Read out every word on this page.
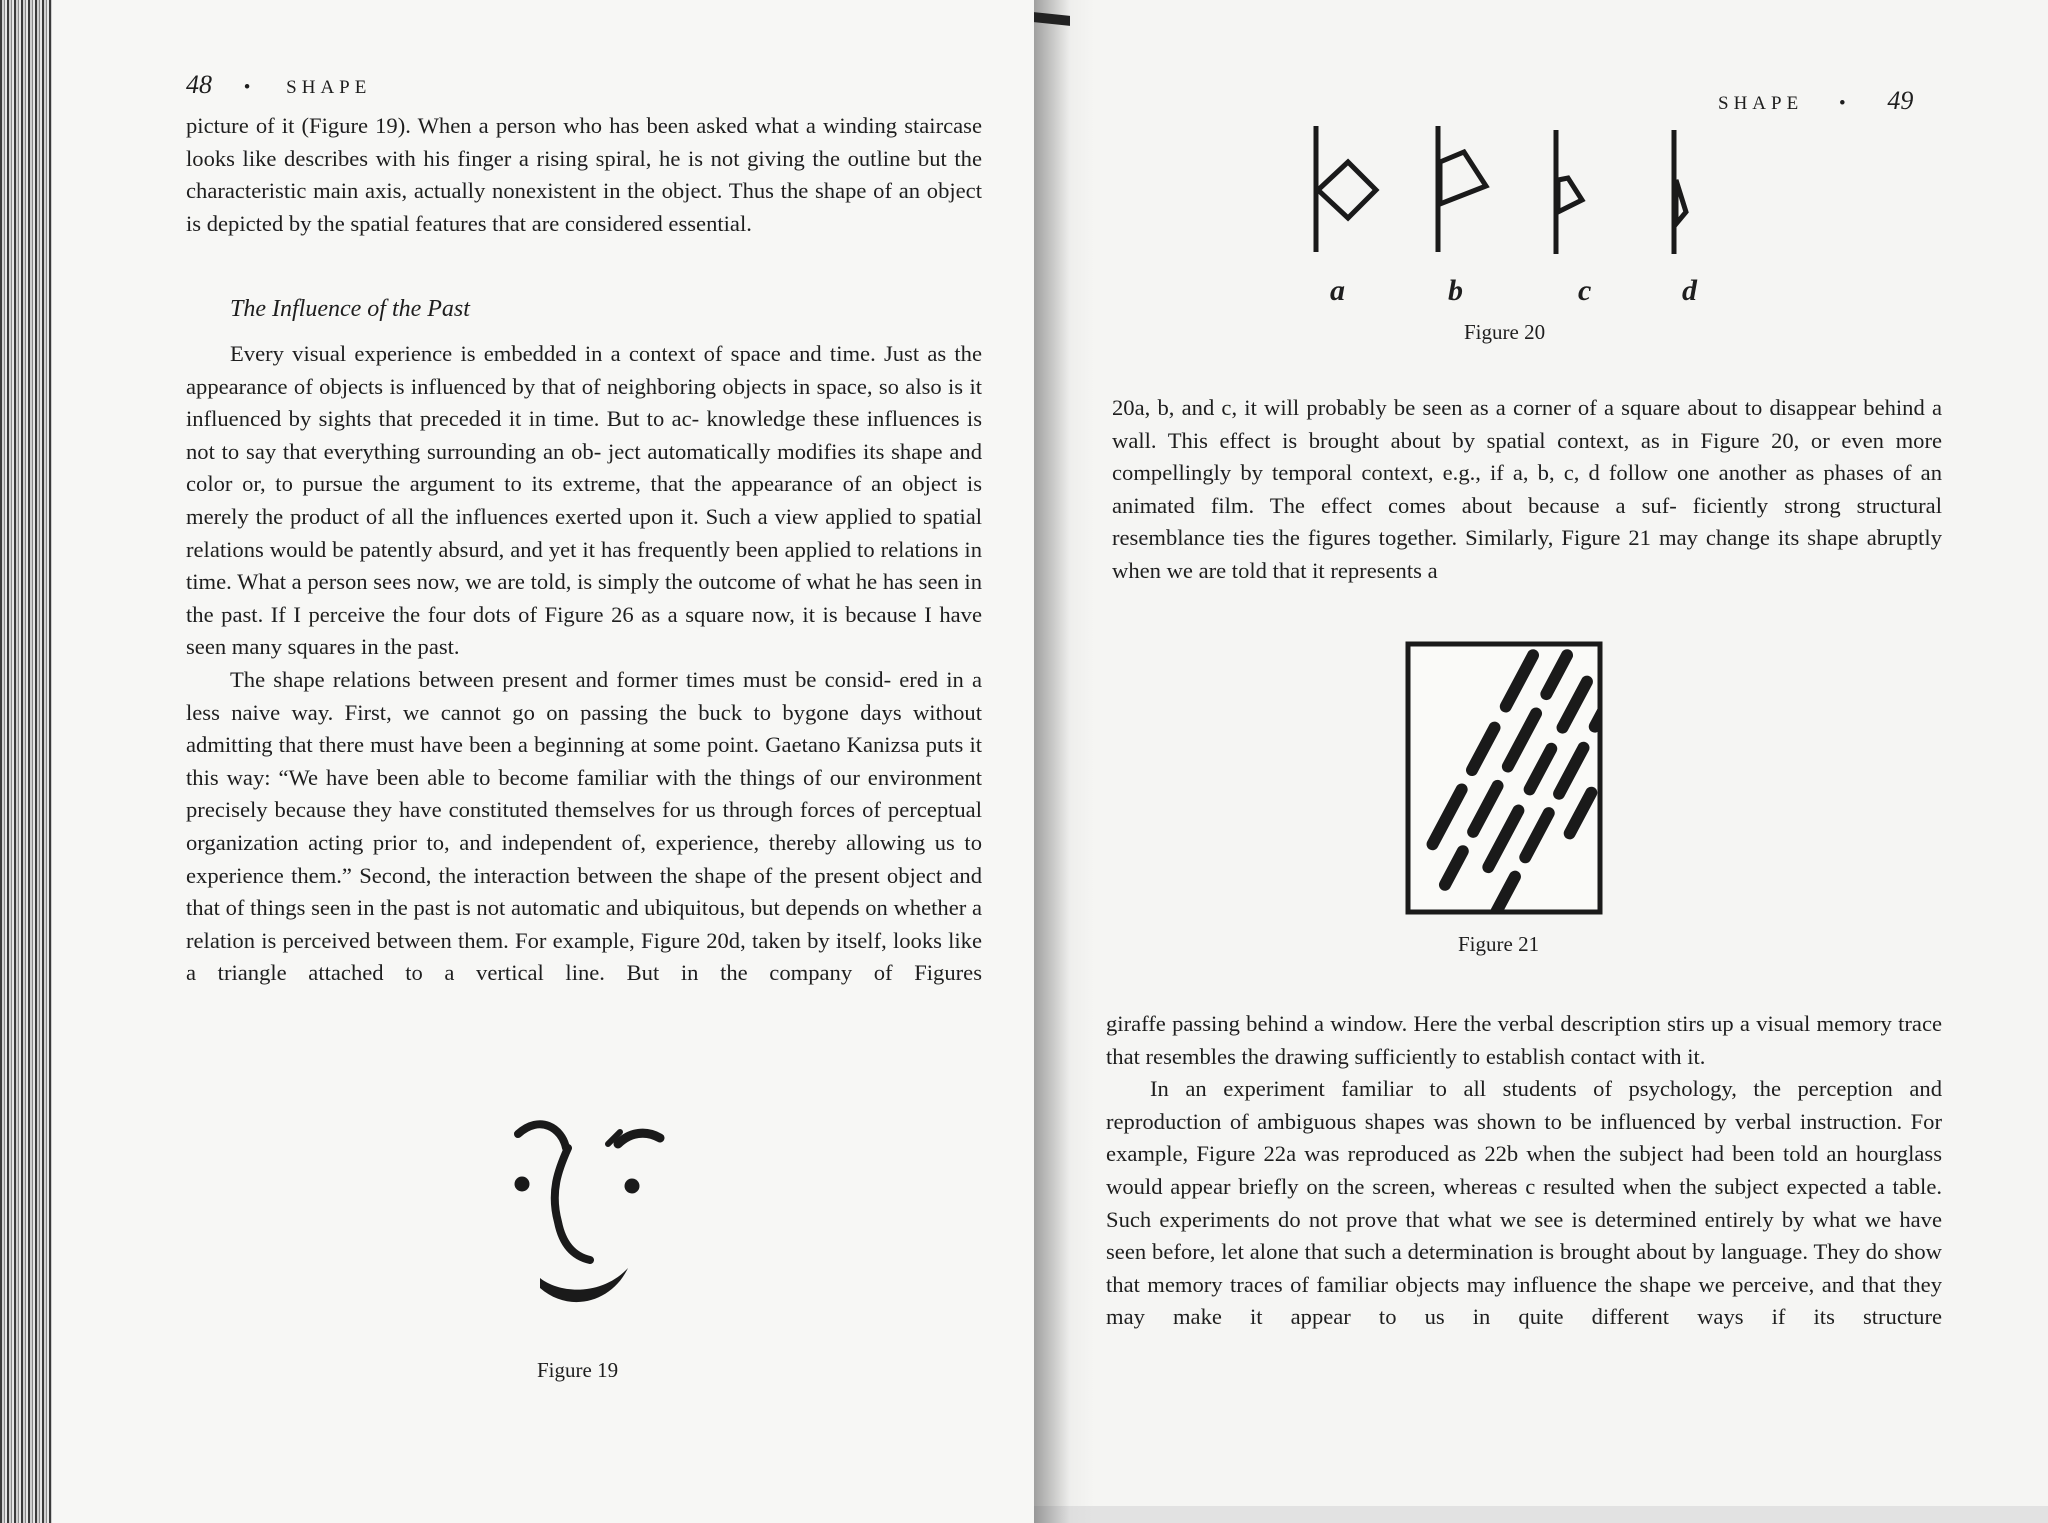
48 • SHAPE

picture of it (Figure 19). When a person who has been asked what a winding staircase looks like describes with his finger a rising spiral, he is not giving the outline but the characteristic main axis, actually nonexistent in the object. Thus the shape of an object is depicted by the spatial features that are considered essential.

The Influence of the Past

Every visual experience is embedded in a context of space and time. Just as the appearance of objects is influenced by that of neighboring objects in space, so also is it influenced by sights that preceded it in time. But to ac- knowledge these influences is not to say that everything surrounding an ob- ject automatically modifies its shape and color or, to pursue the argument to its extreme, that the appearance of an object is merely the product of all the influences exerted upon it. Such a view applied to spatial relations would be patently absurd, and yet it has frequently been applied to relations in time. What a person sees now, we are told, is simply the outcome of what he has seen in the past. If I perceive the four dots of Figure 26 as a square now, it is because I have seen many squares in the past.

The shape relations between present and former times must be consid- ered in a less naive way. First, we cannot go on passing the buck to bygone days without admitting that there must have been a beginning at some point. Gaetano Kanizsa puts it this way: “We have been able to become familiar with the things of our environment precisely because they have constituted themselves for us through forces of perceptual organization acting prior to, and independent of, experience, thereby allowing us to experience them.” Second, the interaction between the shape of the present object and that of things seen in the past is not automatic and ubiquitous, but depends on whether a relation is perceived between them. For example, Figure 20d, taken by itself, looks like a triangle attached to a vertical line. But in the company of Figures

Figure 19
SHAPE • 49
a	b	c	d
Figure 20

20a, b, and c, it will probably be seen as a corner of a square about to disappear behind a wall. This effect is brought about by spatial context, as in Figure 20, or even more compellingly by temporal context, e.g., if a, b, c, d follow one another as phases of an animated film. The effect comes about because a suf- ficiently strong structural resemblance ties the figures together. Similarly, Figure 21 may change its shape abruptly when we are told that it represents a

Figure 21

giraffe passing behind a window. Here the verbal description stirs up a visual memory trace that resembles the drawing sufficiently to establish contact with it.

In an experiment familiar to all students of psychology, the perception and reproduction of ambiguous shapes was shown to be influenced by verbal instruction. For example, Figure 22a was reproduced as 22b when the subject had been told an hourglass would appear briefly on the screen, whereas c resulted when the subject expected a table. Such experiments do not prove that what we see is determined entirely by what we have seen before, let alone that such a determination is brought about by language. They do show that memory traces of familiar objects may influence the shape we perceive, and that they may make it appear to us in quite different ways if its structure
